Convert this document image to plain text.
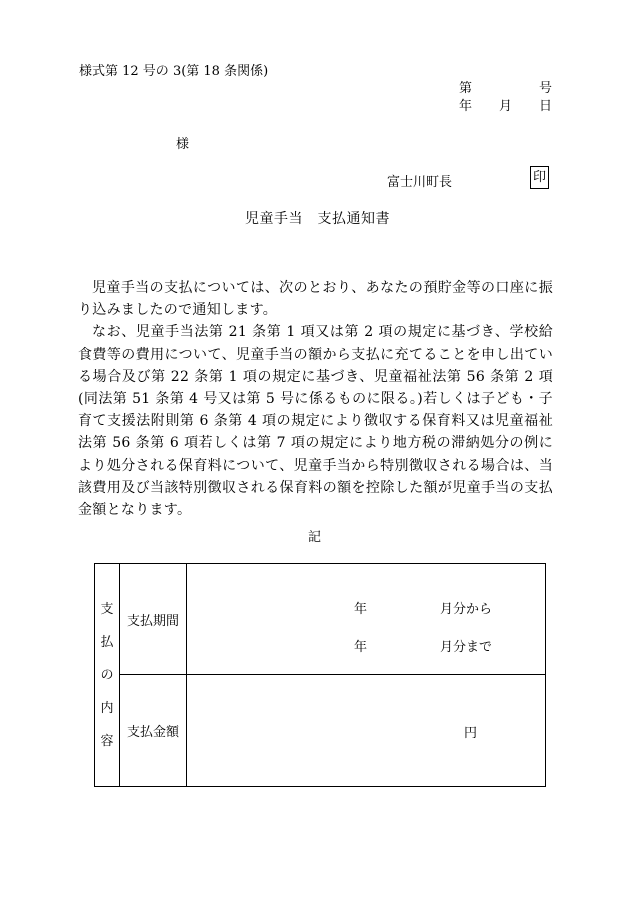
様式第 12 号の 3(第 18 条関係)
第	号
年 月 日
様
富士川町長	印
児童手当　支払通知書

児童手当の支払については、次のとおり、あなたの預貯金等の口座に振り込みましたので通知します。

なお、児童手当法第 21 条第 1 項又は第 2 項の規定に基づき、学校給食費等の費用について、児童手当の額から支払に充てることを申し出ている場合及び第 22 条第 1 項の規定に基づき、児童福祉法第 56 条第 2 項(同法第 51 条第 4 号又は第 5 号に係るものに限る。)若しくは子ども・子育て支援法附則第 6 条第 4 項の規定により徴収する保育料又は児童福祉法第 56 条第 6 項若しくは第 7 項の規定により地方税の滞納処分の例により処分される保育料について、児童手当から特別徴収される場合は、当該費用及び当該特別徴収される保育料の額を控除した額が児童手当の支払金額となります。

記
支
払
の
内
容	支払期間	年 月分から
年 月分まで

	支払金額	円
